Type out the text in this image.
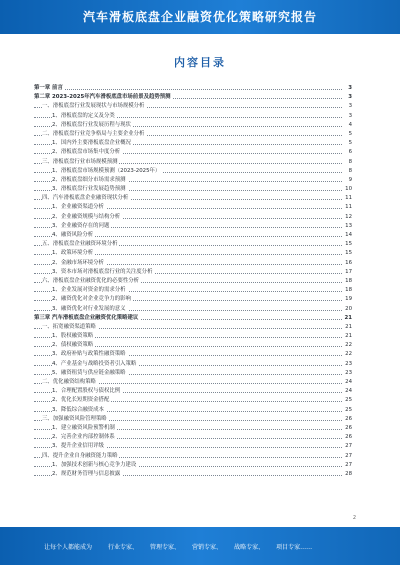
汽车滑板底盘企业融资优化策略研究报告
内容目录
第一章 前言	3
第二章 2023-2025年汽车滑板底盘市场前景及趋势预测	3
一、滑板底盘行业发展现状与市场规模分析	3
1、滑板底盘的定义及分类	3
2、滑板底盘行业发展历程与现状	4
二、滑板底盘行业竞争格局与主要企业分析	5
1、国内外主要滑板底盘企业概况	5
2、滑板底盘市场集中度分析	6
三、滑板底盘行业市场规模预测	8
1、滑板底盘市场规模预测（2023-2025年）	8
2、滑板底盘细分市场需求预测	9
3、滑板底盘行业发展趋势预测	10
四、汽车滑板底盘企业融资现状分析	11
1、企业融资渠道分析	11
2、企业融资规模与结构分析	12
3、企业融资存在的问题	13
4、融资风险分析	14
五、滑板底盘企业融资环境分析	15
1、政策环境分析	15
2、金融市场环境分析	16
3、资本市场对滑板底盘行业的关注度分析	17
六、滑板底盘企业融资优化的必要性分析	18
1、企业发展对资金的需求分析	18
2、融资优化对企业竞争力的影响	19
3、融资优化对行业发展的意义	20
第三章 汽车滑板底盘企业融资优化策略建议	21
一、拓宽融资渠道策略	21
1、股权融资策略	21
2、债权融资策略	22
3、政府补贴与政策性融资策略	22
4、产业基金与战略投资者引入策略	23
5、融资租赁与供应链金融策略	23
二、优化融资结构策略	24
1、合理配置股权与债权比例	24
2、优化长短期资金搭配	25
3、降低综合融资成本	25
三、加强融资风险管理策略	26
1、建立融资风险预警机制	26
2、完善企业内部控制体系	26
3、提升企业信用评级	27
四、提升企业自身融资能力策略	27
1、加强技术创新与核心竞争力建设	27
2、规范财务管理与信息披露	28
2
让每个人都能成为	行业专家、 管理专家、 营销专家、 战略专家、 项目专家……
